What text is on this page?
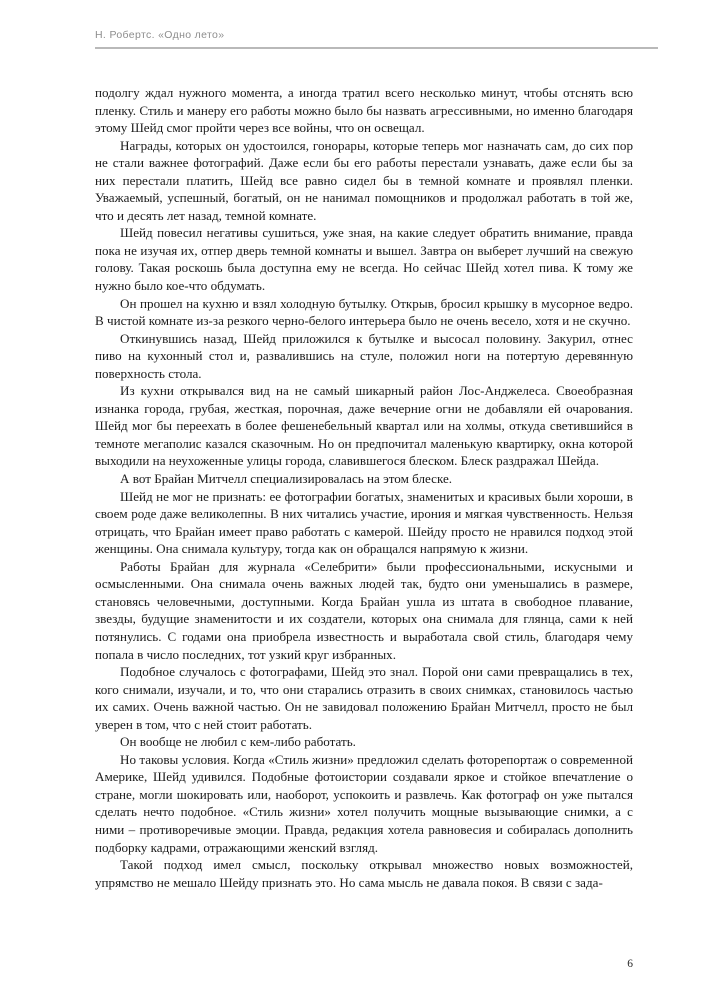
Н. Робертс. «Одно лето»

подолгу ждал нужного момента, а иногда тратил всего несколько минут, чтобы отснять всю пленку. Стиль и манеру его работы можно было бы назвать агрессивными, но именно благодаря этому Шейд смог пройти через все войны, что он освещал.

Награды, которых он удостоился, гонорары, которые теперь мог назначать сам, до сих пор не стали важнее фотографий. Даже если бы его работы перестали узнавать, даже если бы за них перестали платить, Шейд все равно сидел бы в темной комнате и проявлял пленки. Уважаемый, успешный, богатый, он не нанимал помощников и продолжал работать в той же, что и десять лет назад, темной комнате.

Шейд повесил негативы сушиться, уже зная, на какие следует обратить внимание, правда пока не изучая их, отпер дверь темной комнаты и вышел. Завтра он выберет лучший на свежую голову. Такая роскошь была доступна ему не всегда. Но сейчас Шейд хотел пива. К тому же нужно было кое-что обдумать.

Он прошел на кухню и взял холодную бутылку. Открыв, бросил крышку в мусорное ведро. В чистой комнате из-за резкого черно-белого интерьера было не очень весело, хотя и не скучно.

Откинувшись назад, Шейд приложился к бутылке и высосал половину. Закурил, отнес пиво на кухонный стол и, развалившись на стуле, положил ноги на потертую деревянную поверхность стола.

Из кухни открывался вид на не самый шикарный район Лос-Анджелеса. Своеобразная изнанка города, грубая, жесткая, порочная, даже вечерние огни не добавляли ей очарования. Шейд мог бы переехать в более фешенебельный квартал или на холмы, откуда светившийся в темноте мегаполис казался сказочным. Но он предпочитал маленькую квартирку, окна которой выходили на неухоженные улицы города, славившегося блеском. Блеск раздражал Шейда.

А вот Брайан Митчелл специализировалась на этом блеске.

Шейд не мог не признать: ее фотографии богатых, знаменитых и красивых были хороши, в своем роде даже великолепны. В них читались участие, ирония и мягкая чувственность. Нельзя отрицать, что Брайан имеет право работать с камерой. Шейду просто не нравился подход этой женщины. Она снимала культуру, тогда как он обращался напрямую к жизни.

Работы Брайан для журнала «Селебрити» были профессиональными, искусными и осмысленными. Она снимала очень важных людей так, будто они уменьшались в размере, становясь человечными, доступными. Когда Брайан ушла из штата в свободное плавание, звезды, будущие знаменитости и их создатели, которых она снимала для глянца, сами к ней потянулись. С годами она приобрела известность и выработала свой стиль, благодаря чему попала в число последних, тот узкий круг избранных.

Подобное случалось с фотографами, Шейд это знал. Порой они сами превращались в тех, кого снимали, изучали, и то, что они старались отразить в своих снимках, становилось частью их самих. Очень важной частью. Он не завидовал положению Брайан Митчелл, просто не был уверен в том, что с ней стоит работать.

Он вообще не любил с кем-либо работать.

Но таковы условия. Когда «Стиль жизни» предложил сделать фоторепортаж о современной Америке, Шейд удивился. Подобные фотоистории создавали яркое и стойкое впечатление о стране, могли шокировать или, наоборот, успокоить и развлечь. Как фотограф он уже пытался сделать нечто подобное. «Стиль жизни» хотел получить мощные вызывающие снимки, а с ними – противоречивые эмоции. Правда, редакция хотела равновесия и собиралась дополнить подборку кадрами, отражающими женский взгляд.

Такой подход имел смысл, поскольку открывал множество новых возможностей, упрямство не мешало Шейду признать это. Но сама мысль не давала покоя. В связи с зада-

6
